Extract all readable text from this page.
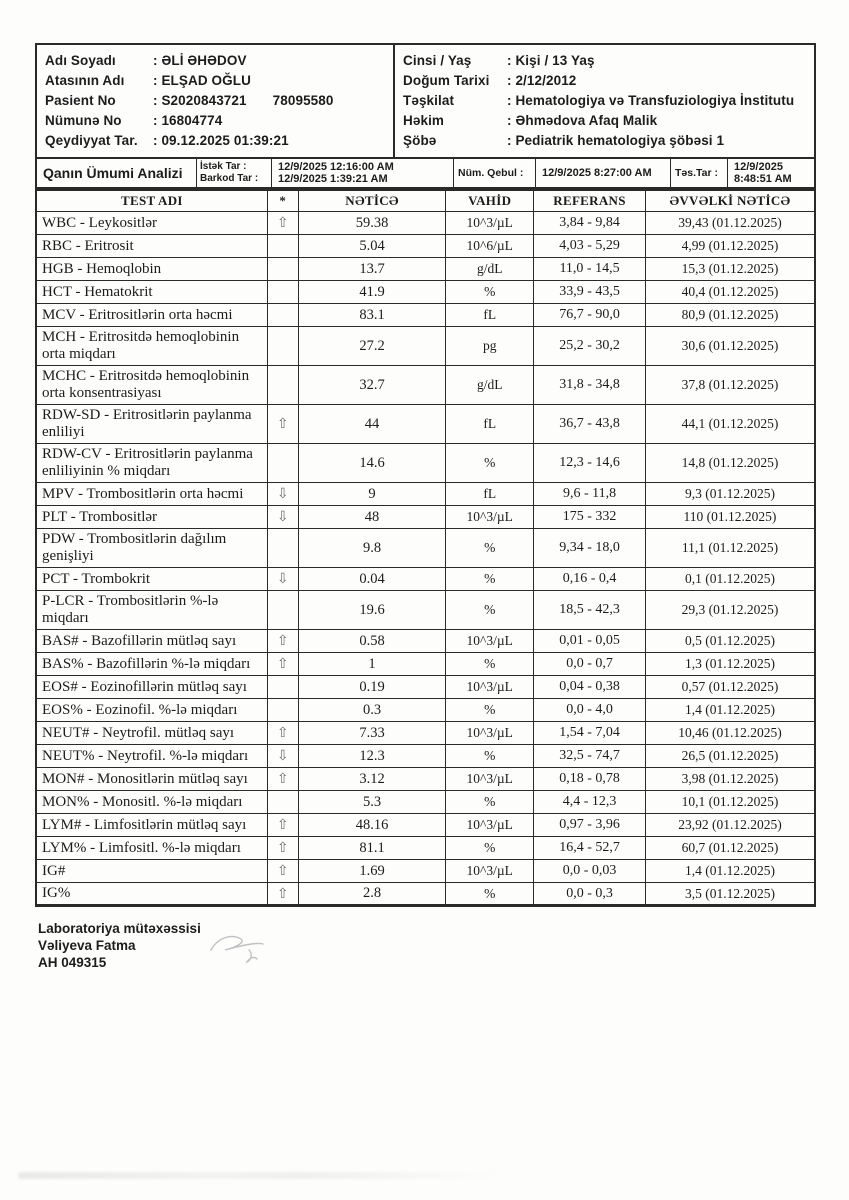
Adı Soyadı	: ƏLİ ƏHƏDOV
Atasının Adı	: ELŞAD OĞLU
Pasient No	: S2020843721 78095580
Nümunə No	: 16804774
Qeydiyyat Tar.	: 09.12.2025 01:39:21
Cinsi / Yaş	: Kişi / 13 Yaş
Doğum Tarixi	: 2/12/2012
Təşkilat	: Hematologiya və Transfuziologiya İnstitutu
Həkim	: Əhmədova Afaq Malik
Şöbə	: Pediatrik hematologiya şöbəsi 1
Qanın Ümumi Analizi	İstək Tar :
Barkod Tar :
12/9/2025 12:16:00 AM
12/9/2025 1:39:21 AM	Nüm. Qebul :	12/9/2025 8:27:00 AM	Təs.Tar :	12/9/2025 8:48:51 AM
TEST ADI	*	NƏTİCƏ	VAHİD	REFERANS	ƏVVƏLKİ NƏTİCƏ
WBC - Leykositlər	⇧	59.38	10^3/µL	3,84 - 9,84	39,43 (01.12.2025)
RBC - Eritrosit		5.04	10^6/µL	4,03 - 5,29	4,99 (01.12.2025)
HGB - Hemoqlobin		13.7	g/dL	11,0 - 14,5	15,3 (01.12.2025)
HCT - Hematokrit		41.9	%	33,9 - 43,5	40,4 (01.12.2025)
MCV - Eritrositlərin orta həcmi		83.1	fL	76,7 - 90,0	80,9 (01.12.2025)
MCH - Eritrositdə hemoqlobinin orta miqdarı		27.2	pg	25,2 - 30,2	30,6 (01.12.2025)
MCHC - Eritrositdə hemoqlobinin orta konsentrasiyası		32.7	g/dL	31,8 - 34,8	37,8 (01.12.2025)
RDW-SD - Eritrositlərin paylanma enliliyi	⇧	44	fL	36,7 - 43,8	44,1 (01.12.2025)
RDW-CV - Eritrositlərin paylanma enliliyinin % miqdarı		14.6	%	12,3 - 14,6	14,8 (01.12.2025)
MPV - Trombositlərin orta həcmi	⇩	9	fL	9,6 - 11,8	9,3 (01.12.2025)
PLT - Trombositlər	⇩	48	10^3/µL	175 - 332	110 (01.12.2025)
PDW - Trombositlərin dağılım genişliyi		9.8	%	9,34 - 18,0	11,1 (01.12.2025)
PCT - Trombokrit	⇩	0.04	%	0,16 - 0,4	0,1 (01.12.2025)
P-LCR - Trombositlərin %-lə miqdarı		19.6	%	18,5 - 42,3	29,3 (01.12.2025)
BAS# - Bazofillərin mütləq sayı	⇧	0.58	10^3/µL	0,01 - 0,05	0,5 (01.12.2025)
BAS% - Bazofillərin %-lə miqdarı	⇧	1	%	0,0 - 0,7	1,3 (01.12.2025)
EOS# - Eozinofillərin mütləq sayı		0.19	10^3/µL	0,04 - 0,38	0,57 (01.12.2025)
EOS% - Eozinofil. %-lə miqdarı		0.3	%	0,0 - 4,0	1,4 (01.12.2025)
NEUT# - Neytrofil. mütləq sayı	⇧	7.33	10^3/µL	1,54 - 7,04	10,46 (01.12.2025)
NEUT% - Neytrofil. %-lə miqdarı	⇩	12.3	%	32,5 - 74,7	26,5 (01.12.2025)
MON# - Monositlərin mütləq sayı	⇧	3.12	10^3/µL	0,18 - 0,78	3,98 (01.12.2025)
MON% - Monositl. %-lə miqdarı		5.3	%	4,4 - 12,3	10,1 (01.12.2025)
LYM# - Limfositlərin mütləq sayı	⇧	48.16	10^3/µL	0,97 - 3,96	23,92 (01.12.2025)
LYM% - Limfositl. %-lə miqdarı	⇧	81.1	%	16,4 - 52,7	60,7 (01.12.2025)
IG#	⇧	1.69	10^3/µL	0,0 - 0,03	1,4 (01.12.2025)
IG%	⇧	2.8	%	0,0 - 0,3	3,5 (01.12.2025)
Laboratoriya mütəxəssisi
Vəliyeva Fatma
AH 049315
